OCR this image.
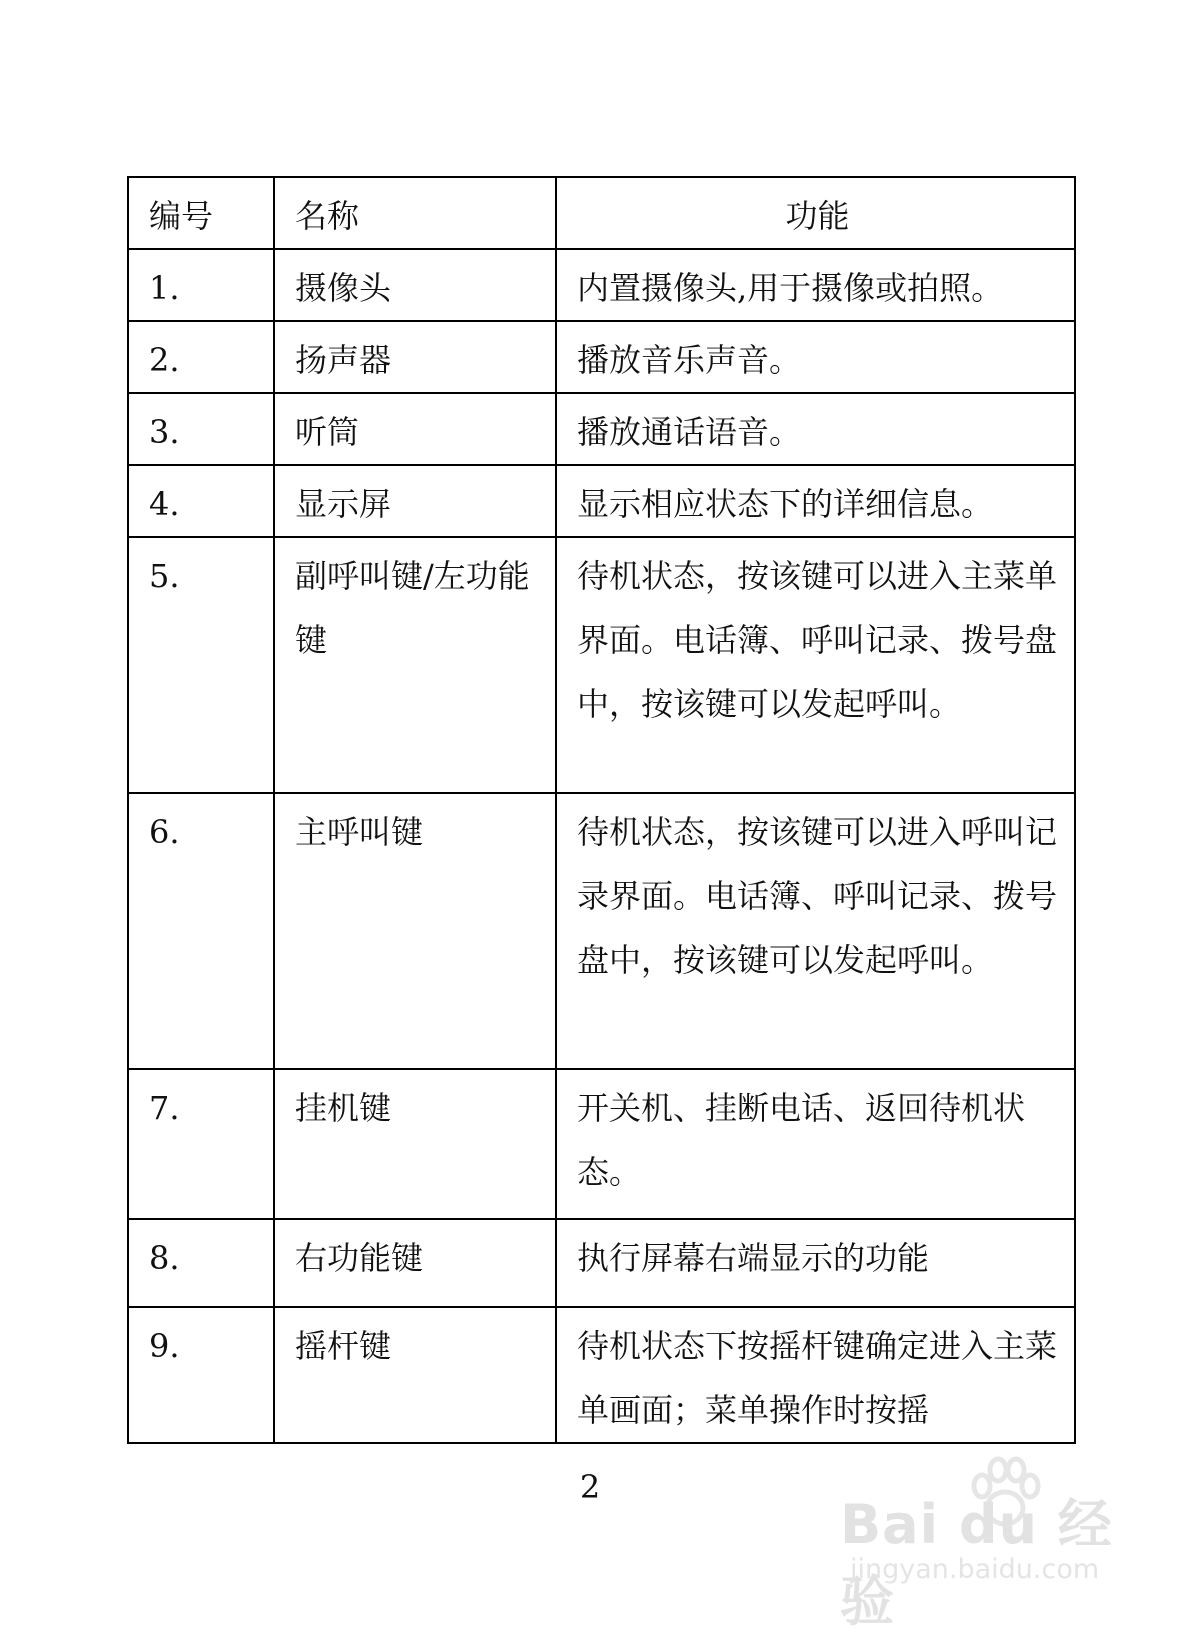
编号	名称	功能
1.	摄像头	内置摄像头,用于摄像或拍照。
2.	扬声器	播放音乐声音。
3.	听筒	播放通话语音。
4.	显示屏	显示相应状态下的详细信息。
5.	副呼叫键/左功能键	待机状态，按该键可以进入主菜单界面。电话簿、呼叫记录、拨号盘中，按该键可以发起呼叫。
6.	主呼叫键	待机状态，按该键可以进入呼叫记录界面。电话簿、呼叫记录、拨号盘中，按该键可以发起呼叫。
7.	挂机键	开关机、挂断电话、返回待机状态。
8.	右功能键	执行屏幕右端显示的功能
9.	摇杆键	待机状态下按摇杆键确定进入主菜单画面；菜单操作时按摇
2
Bai du 经验
jingyan.baidu.com
